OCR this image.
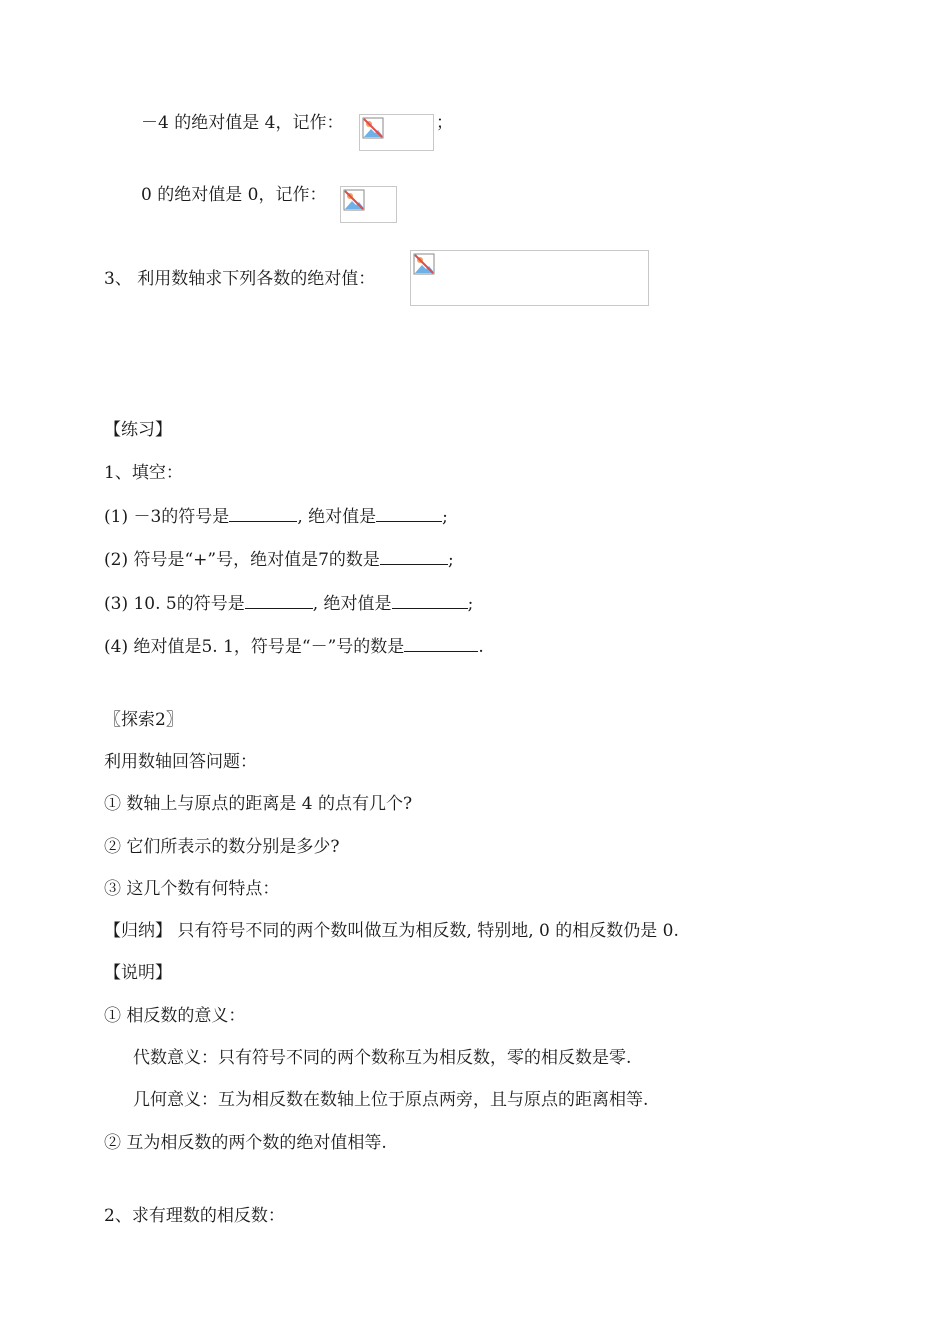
－4 的绝对值是 4，记作：	；
0 的绝对值是 0，记作：
3、 利用数轴求下列各数的绝对值：
【练习】
1、填空：
(1) －3的符号是	, 绝对值是	;
(2) 符号是“+”号，绝对值是7的数是	;
(3) 10. 5的符号是	, 绝对值是	;
(4) 绝对值是5. 1，符号是“－”号的数是	.
〖探索2〗
利用数轴回答问题：
① 数轴上与原点的距离是 4 的点有几个?
② 它们所表示的数分别是多少?
③ 这几个数有何特点：
【归纳】 只有符号不同的两个数叫做互为相反数, 特别地, 0 的相反数仍是 0.
【说明】
① 相反数的意义：
代数意义：只有符号不同的两个数称互为相反数，零的相反数是零.
几何意义：互为相反数在数轴上位于原点两旁，且与原点的距离相等.
② 互为相反数的两个数的绝对值相等.
2、求有理数的相反数：
